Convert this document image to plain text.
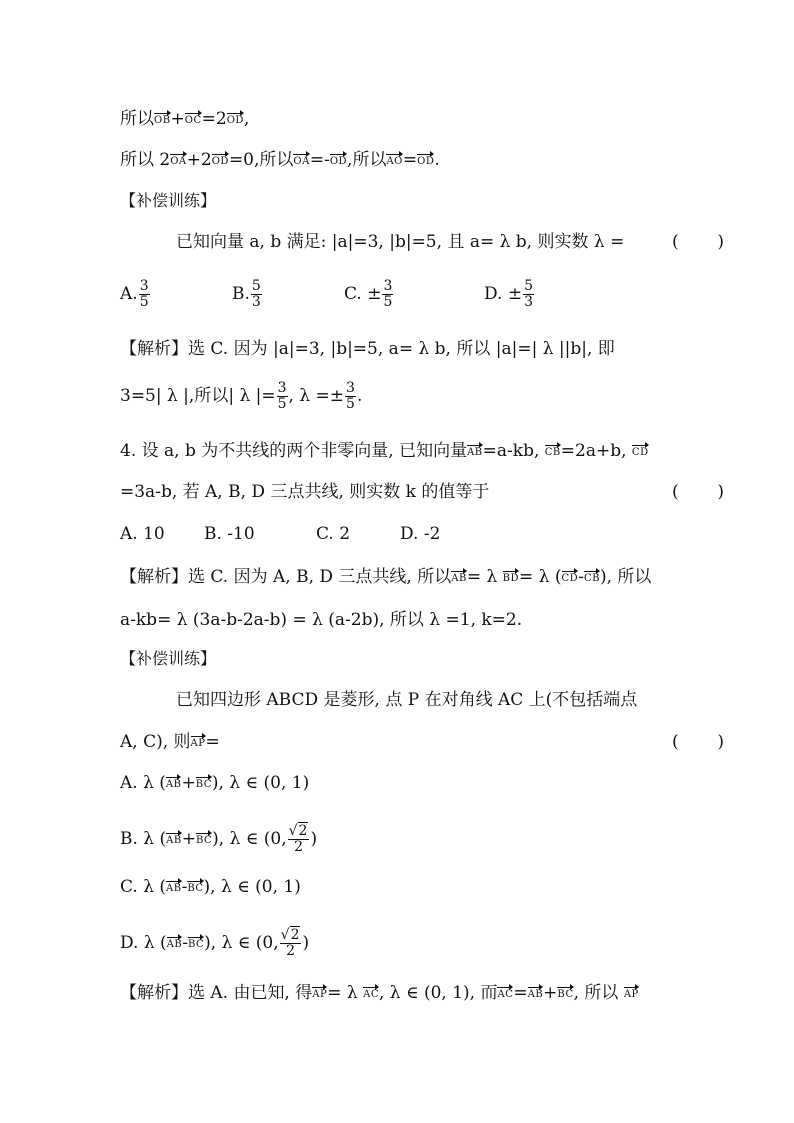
所以OB+OC=2OD,
所以 2OA+2OD=0,所以OA=-OD,所以AO=OD.
【补偿训练】
已知向量 a, b 满足: |a|=3, |b|=5, 且 a= λ b, 则实数 λ =	( )
A. $\frac{3}{5}$	B. $\frac{5}{3}$	C. ± $\frac{3}{5}$	D. ± $\frac{5}{3}$
【解析】选 C. 因为 |a|=3, |b|=5, a= λ b, 所以 |a|=| λ ||b|, 即
3=5| λ |,所以| λ |= $\frac{3}{5}$ , $\lambda =\pm \frac{3}{5}$ .
4. 设 a, b 为不共线的两个非零向量, 已知向量AB=a-kb, CB=2a+b, CD
=3a-b, 若 A, B, D 三点共线, 则实数 k 的值等于	( )
A. 10 B. -10	C. 2	D. -2
【解析】选 C. 因为 A, B, D 三点共线, 所以AB= λ BD= λ (CD-CB), 所以
a-kb= λ (3a-b-2a-b) = λ (a-2b), 所以 λ =1, k=2.
【补偿训练】
已知四边形 ABCD 是菱形, 点 P 在对角线 AC 上(不包括端点
A, C), 则AP=	( )
A. λ (AB+BC), λ ∈ (0, 1)
B. λ (AB+BC), λ ∈ (0, $\frac{√2}{2}$ )
C. λ (AB-BC), λ ∈ (0, 1)
D. λ (AB-BC), λ ∈ (0, $\frac{√2}{2}$ )
【解析】选 A. 由已知, 得AP= λ AC, λ ∈ (0, 1), 而AC=AB+BC, 所以 AP
